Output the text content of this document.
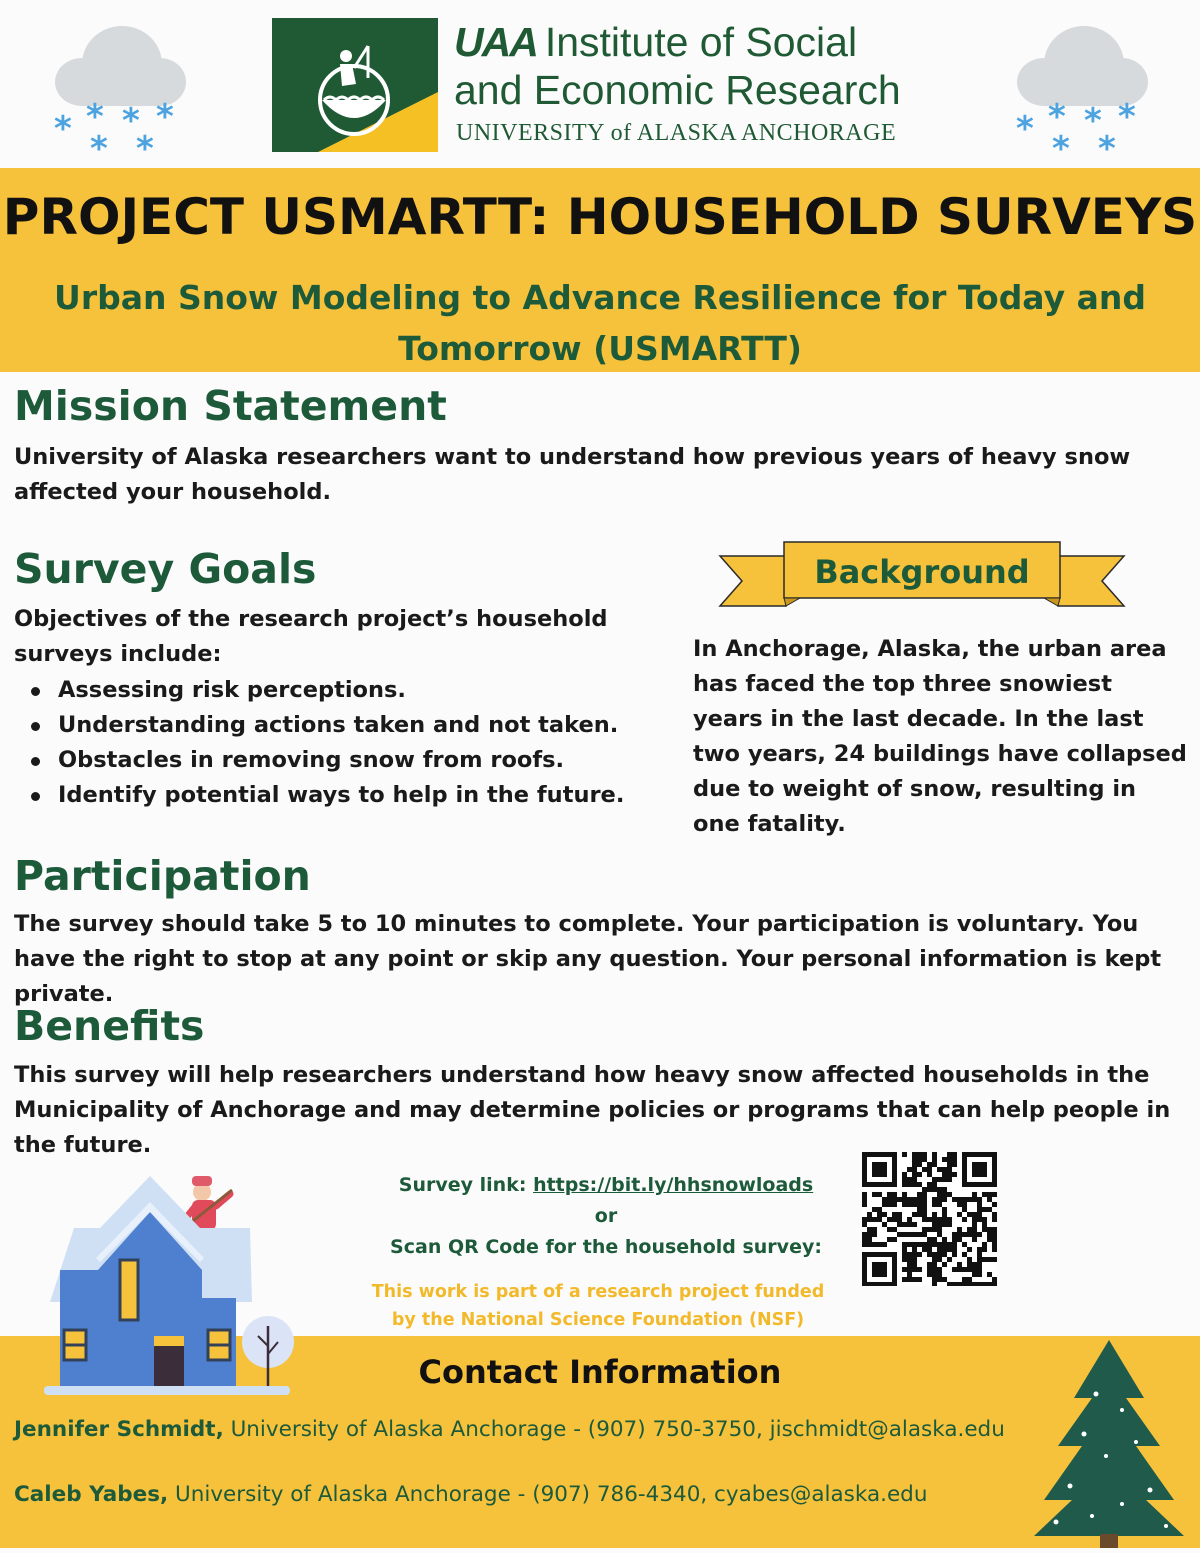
* * * *
* *	* * * *
* *
UAA Institute of Social
and Economic Research
UNIVERSITY of ALASKA ANCHORAGE
PROJECT USMARTT: HOUSEHOLD SURVEYS
Urban Snow Modeling to Advance Resilience for Today and Tomorrow (USMARTT)
Mission Statement

University of Alaska researchers want to understand how previous years of heavy snow affected your household.

Survey Goals

Objectives of the research project’s household surveys include:

Assessing risk perceptions.
Understanding actions taken and not taken.
Obstacles in removing snow from roofs.
Identify potential ways to help in the future.
Background

In Anchorage, Alaska, the urban area has faced the top three snowiest years in the last decade. In the last two years, 24 buildings have collapsed due to weight of snow, resulting in one fatality.

Participation

The survey should take 5 to 10 minutes to complete. Your participation is voluntary. You have the right to stop at any point or skip any question. Your personal information is kept private.

Benefits

This survey will help researchers understand how heavy snow affected households in the Municipality of Anchorage and may determine policies or programs that can help people in the future.

Survey link: https://bit.ly/hhsnowloads
or
Scan QR Code for the household survey:
This work is part of a research project funded
by the National Science Foundation (NSF)
Contact Information
Jennifer Schmidt, University of Alaska Anchorage - (907) 750-3750, jischmidt@alaska.edu
Caleb Yabes, University of Alaska Anchorage - (907) 786-4340, cyabes@alaska.edu
